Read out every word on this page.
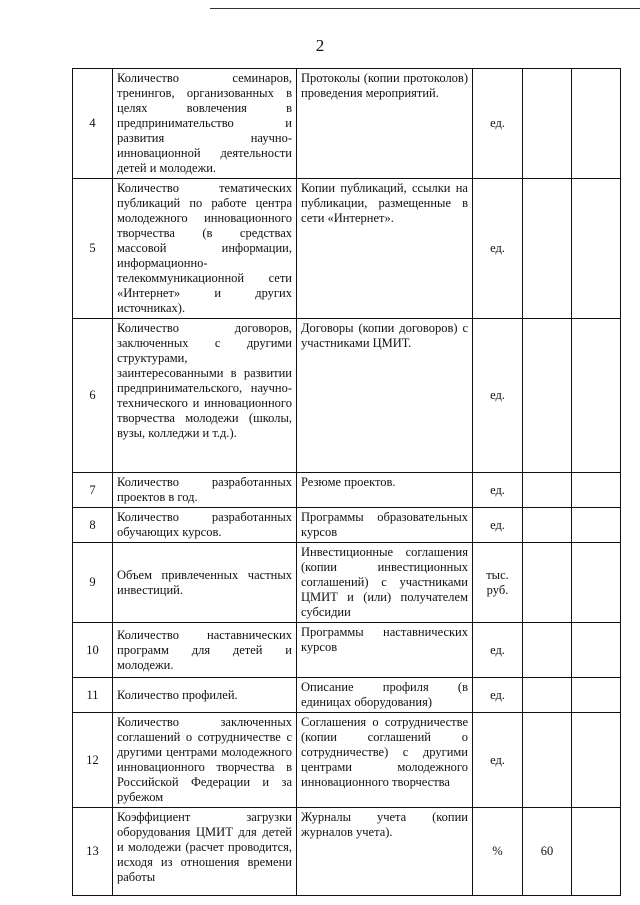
2
4	Количество семинаров, тренингов, организованных в целях вовлечения в предпринимательство и развития научно-инновационной деятельности детей и молодежи.	Протоколы (копии протоколов) проведения мероприятий.	ед.		
5	Количество тематических публикаций по работе центра молодежного инновационного творчества (в средствах массовой информации, информационно-телекоммуникационной сети «Интернет» и других источниках).	Копии публикаций, ссылки на публикации, размещенные в сети «Интернет».	ед.		
6	Количество договоров, заключенных с другими структурами, заинтересованными в развитии предпринимательского, научно-технического и инновационного творчества молодежи (школы, вузы, колледжи и т.д.).	Договоры (копии договоров) с участниками ЦМИТ.	ед.		
7	Количество разработанных проектов в год.	Резюме проектов.	ед.		
8	Количество разработанных обучающих курсов.	Программы образовательных курсов	ед.		
9	Объем привлеченных частных инвестиций.	Инвестиционные соглашения (копии инвестиционных соглашений) с участниками ЦМИТ и (или) получателем субсидии	тыс. руб.		
10	Количество наставнических программ для детей и молодежи.	Программы наставнических курсов	ед.		
11	Количество профилей.	Описание профиля (в единицах оборудования)	ед.		
12	Количество заключенных соглашений о сотрудничестве с другими центрами молодежного инновационного творчества в Российской Федерации и за рубежом	Соглашения о сотрудничестве (копии соглашений о сотрудничестве) с другими центрами молодежного инновационного творчества	ед.		
13	Коэффициент загрузки оборудования ЦМИТ для детей и молодежи (расчет проводится, исходя из отношения времени работы	Журналы учета (копии журналов учета).	%	60	
